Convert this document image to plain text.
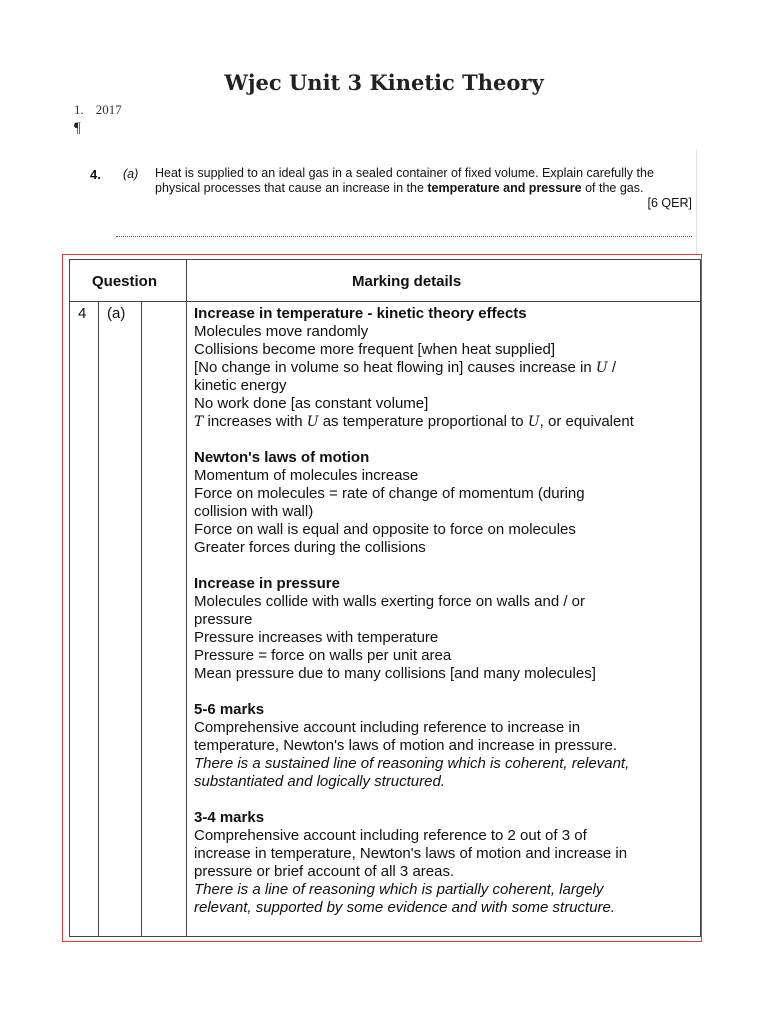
Wjec Unit 3 Kinetic Theory
1. 2017
¶
4. (a) Heat is supplied to an ideal gas in a sealed container of fixed volume. Explain carefully the
physical processes that cause an increase in the temperature and pressure of the gas.
[6 QER]
Question	Marking details
4 (a)	Increase in temperature - kinetic theory effects
Molecules move randomly
Collisions become more frequent [when heat supplied]
[No change in volume so heat flowing in] causes increase in U /
kinetic energy
No work done [as constant volume]
T increases with U as temperature proportional to U, or equivalent
Newton's laws of motion
Momentum of molecules increase
Force on molecules = rate of change of momentum (during
collision with wall)
Force on wall is equal and opposite to force on molecules
Greater forces during the collisions
Increase in pressure
Molecules collide with walls exerting force on walls and / or
pressure
Pressure increases with temperature
Pressure = force on walls per unit area
Mean pressure due to many collisions [and many molecules]
5-6 marks
Comprehensive account including reference to increase in
temperature, Newton's laws of motion and increase in pressure.
There is a sustained line of reasoning which is coherent, relevant,
substantiated and logically structured.
3-4 marks
Comprehensive account including reference to 2 out of 3 of
increase in temperature, Newton's laws of motion and increase in
pressure or brief account of all 3 areas.
There is a line of reasoning which is partially coherent, largely
relevant, supported by some evidence and with some structure.
